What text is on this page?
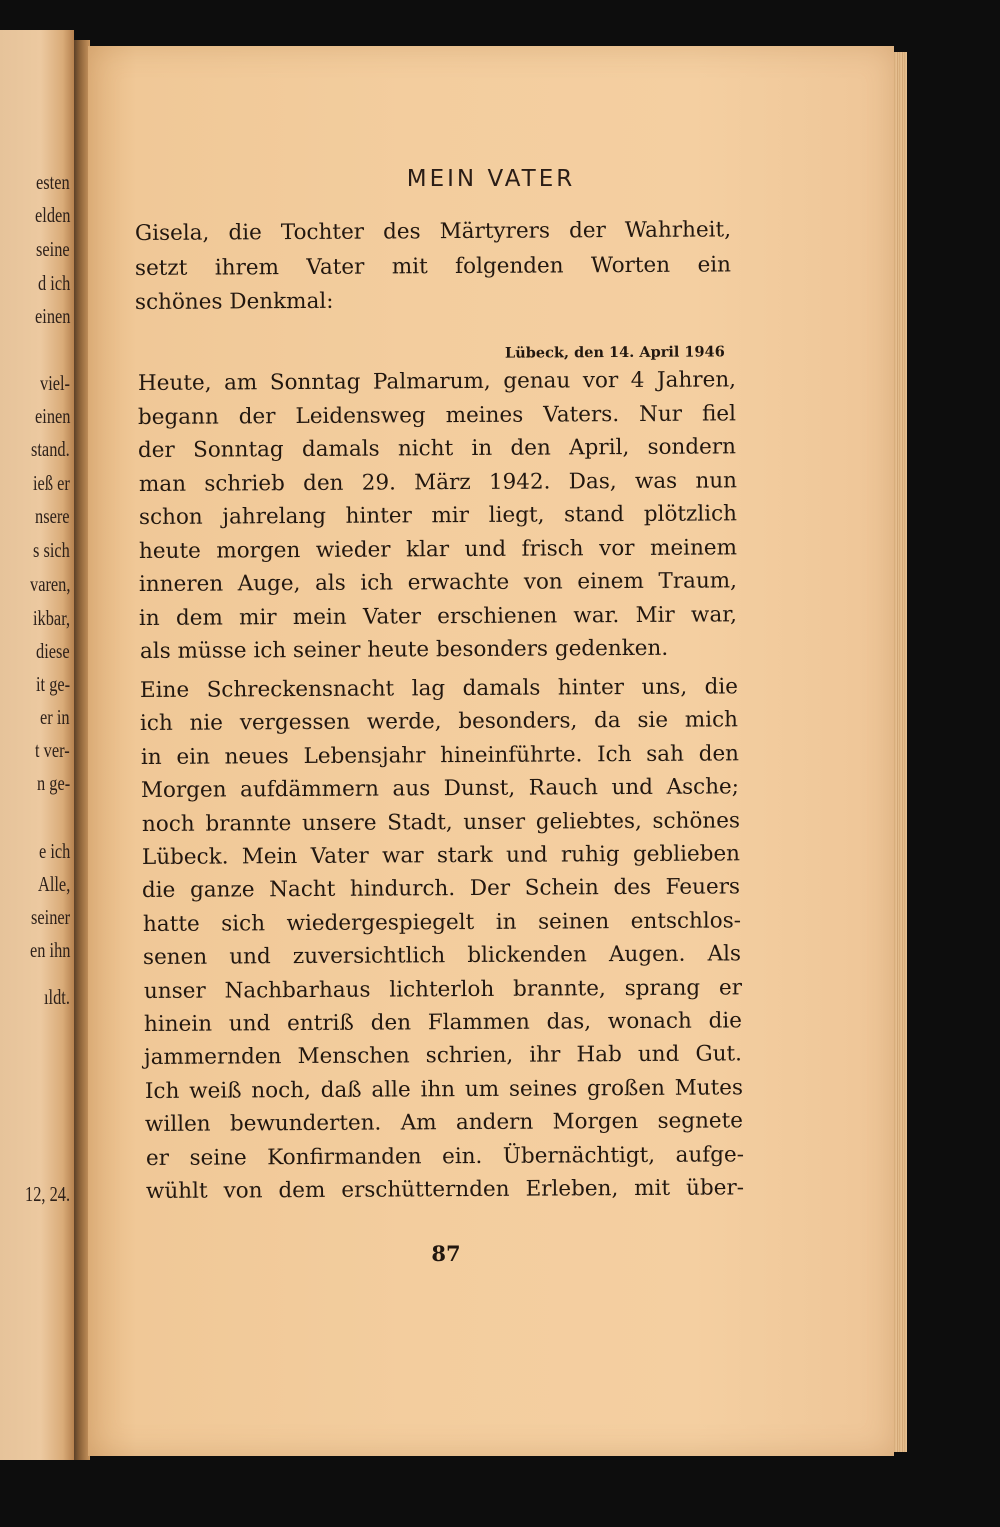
esten
elden
seine
d ich
einen
viel-
einen
stand.
ieß er
nsere
s sich
varen,
ikbar,
diese
it ge-
er in
t ver-
n ge-
e ich
Alle,
seiner
en ihn
ıldt.
12, 24.
MEIN VATER
Lübeck, den 14. April 1946
87
Gisela, die Tochter des Märtyrers der Wahrheit,
setzt ihrem Vater mit folgenden Worten ein
schönes Denkmal:
Heute, am Sonntag Palmarum, genau vor 4 Jahren,
begann der Leidensweg meines Vaters. Nur fiel
der Sonntag damals nicht in den April, sondern
man schrieb den 29. März 1942. Das, was nun
schon jahrelang hinter mir liegt, stand plötzlich
heute morgen wieder klar und frisch vor meinem
inneren Auge, als ich erwachte von einem Traum,
in dem mir mein Vater erschienen war. Mir war,
als müsse ich seiner heute besonders gedenken.
Eine Schreckensnacht lag damals hinter uns, die
ich nie vergessen werde, besonders, da sie mich
in ein neues Lebensjahr hineinführte. Ich sah den
Morgen aufdämmern aus Dunst, Rauch und Asche;
noch brannte unsere Stadt, unser geliebtes, schönes
Lübeck. Mein Vater war stark und ruhig geblieben
die ganze Nacht hindurch. Der Schein des Feuers
hatte sich wiedergespiegelt in seinen entschlos-
senen und zuversichtlich blickenden Augen. Als
unser Nachbarhaus lichterloh brannte, sprang er
hinein und entriß den Flammen das, wonach die
jammernden Menschen schrien, ihr Hab und Gut.
Ich weiß noch, daß alle ihn um seines großen Mutes
willen bewunderten. Am andern Morgen segnete
er seine Konfirmanden ein. Übernächtigt, aufge-
wühlt von dem erschütternden Erleben, mit über-
